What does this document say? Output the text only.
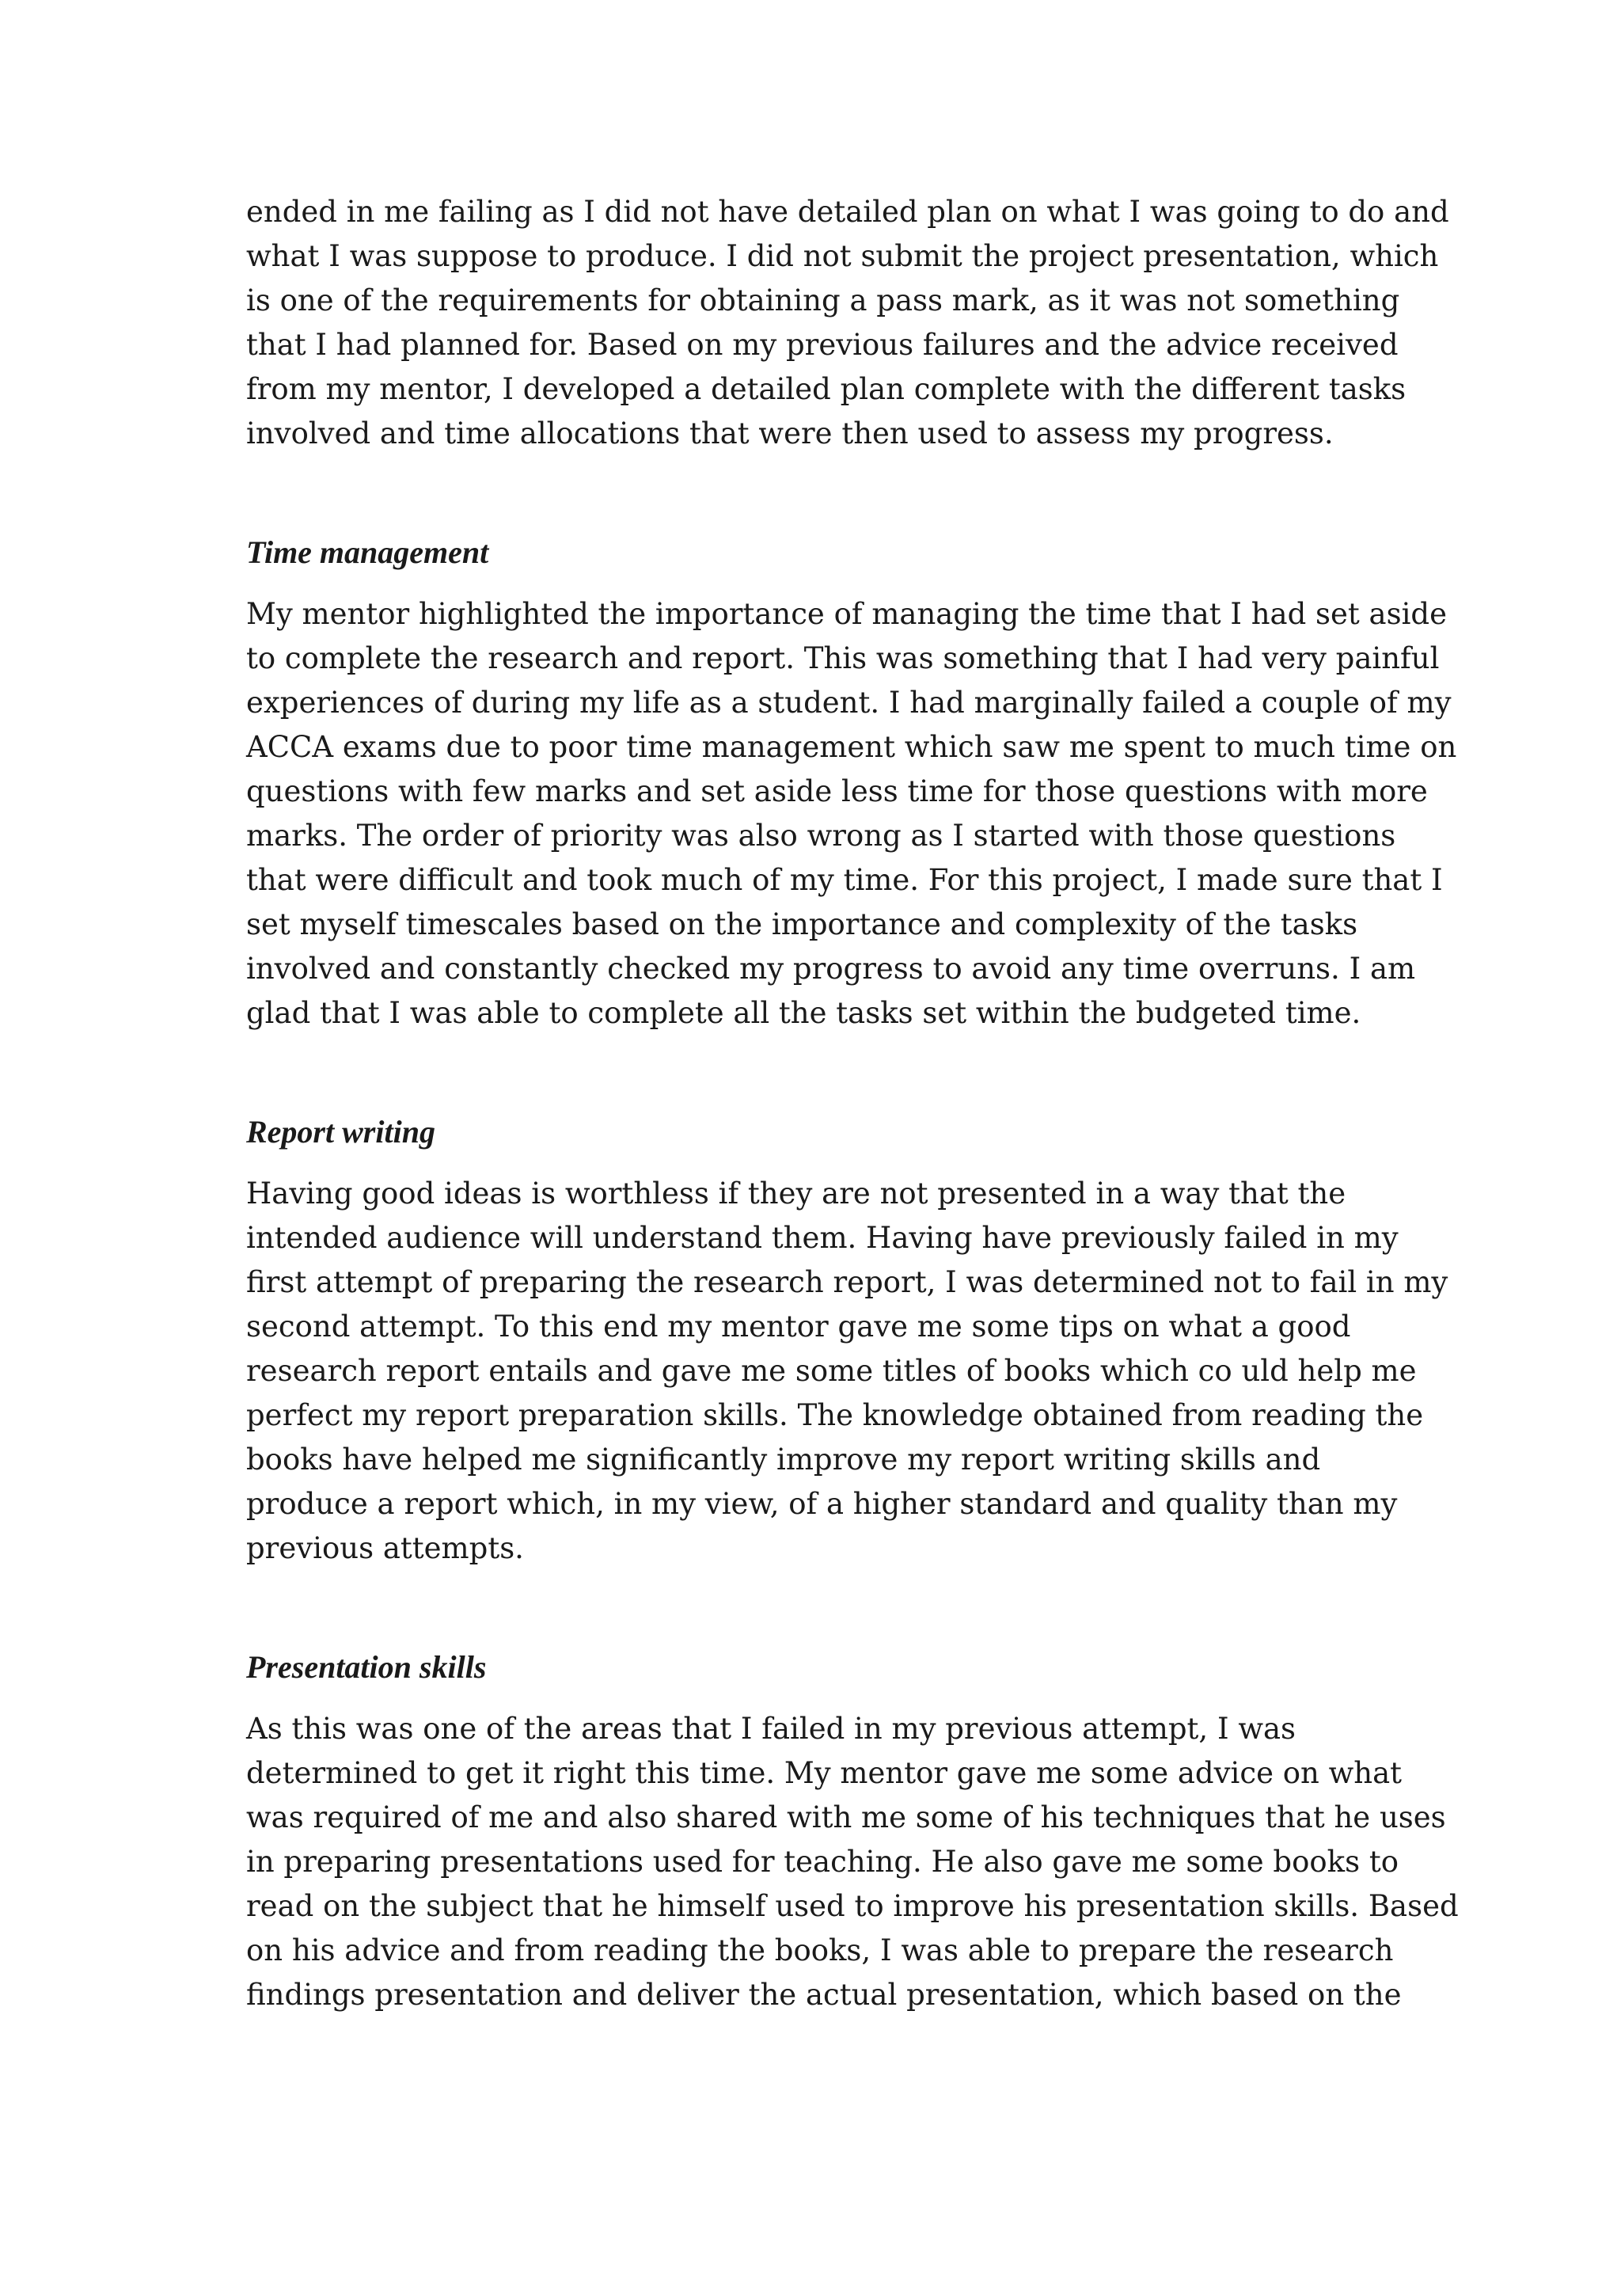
ended in me failing as I did not have detailed plan on what I was going to do and
what I was suppose to produce. I did not submit the project presentation, which
is one of the requirements for obtaining a pass mark, as it was not something
that I had planned for. Based on my previous failures and the advice received
from my mentor, I developed a detailed plan complete with the different tasks
involved and time allocations that were then used to assess my progress.
Time management
My mentor highlighted the importance of managing the time that I had set aside
to complete the research and report. This was something that I had very painful
experiences of during my life as a student. I had marginally failed a couple of my
ACCA exams due to poor time management which saw me spent to much time on
questions with few marks and set aside less time for those questions with more
marks. The order of priority was also wrong as I started with those questions
that were difficult and took much of my time. For this project, I made sure that I
set myself timescales based on the importance and complexity of the tasks
involved and constantly checked my progress to avoid any time overruns. I am
glad that I was able to complete all the tasks set within the budgeted time.
Report writing
Having good ideas is worthless if they are not presented in a way that the
intended audience will understand them. Having have previously failed in my
first attempt of preparing the research report, I was determined not to fail in my
second attempt. To this end my mentor gave me some tips on what a good
research report entails and gave me some titles of books which co uld help me
perfect my report preparation skills. The knowledge obtained from reading the
books have helped me significantly improve my report writing skills and
produce a report which, in my view, of a higher standard and quality than my
previous attempts.
Presentation skills
As this was one of the areas that I failed in my previous attempt, I was
determined to get it right this time. My mentor gave me some advice on what
was required of me and also shared with me some of his techniques that he uses
in preparing presentations used for teaching. He also gave me some books to
read on the subject that he himself used to improve his presentation skills. Based
on his advice and from reading the books, I was able to prepare the research
findings presentation and deliver the actual presentation, which based on the
